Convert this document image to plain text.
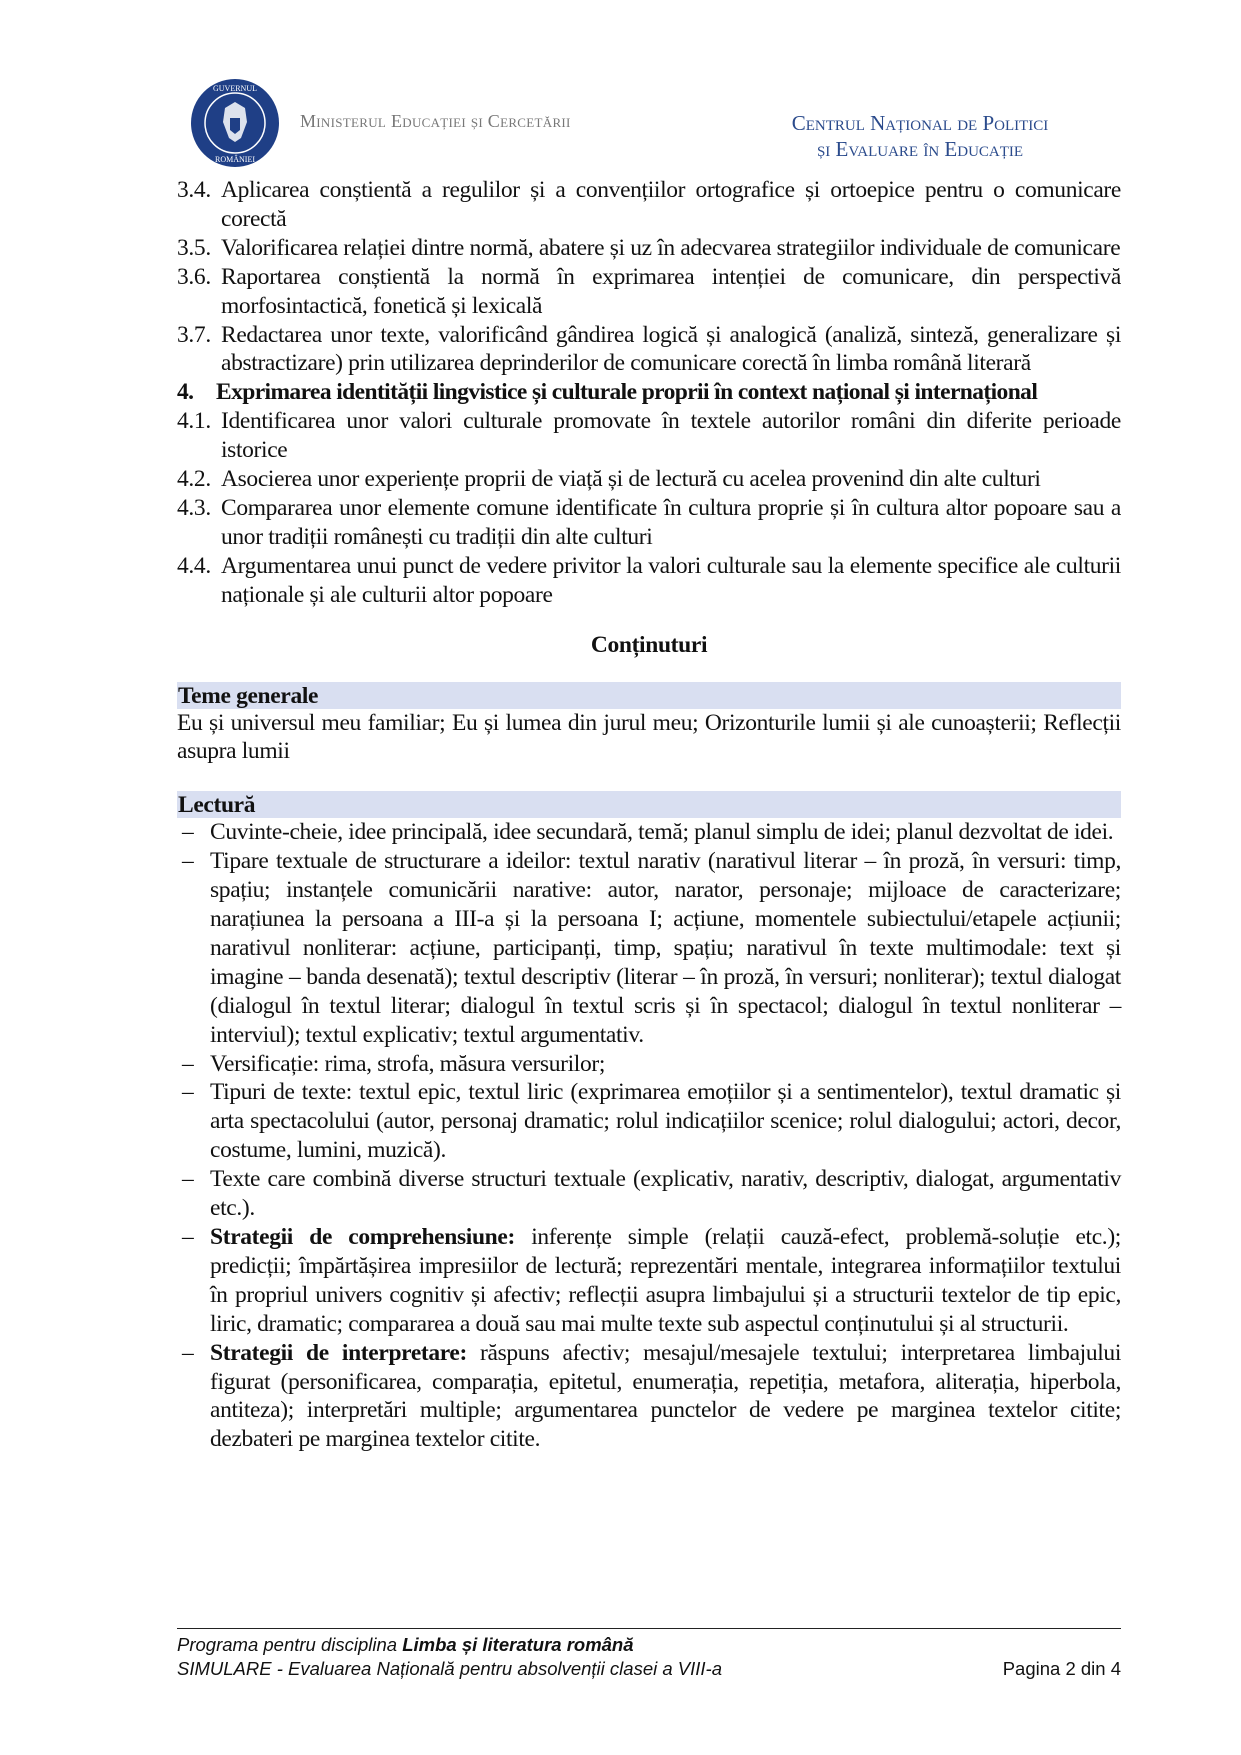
GUVERNUL
ROMÂNIEI
Ministerul Educației și Cercetării	Centrul Național de Politici
și Evaluare în Educație
3.4. Aplicarea conștientă a regulilor și a convențiilor ortografice și ortoepice pentru o comunicare corectă
3.5. Valorificarea relației dintre normă, abatere și uz în adecvarea strategiilor individuale de comunicare
3.6. Raportarea conștientă la normă în exprimarea intenției de comunicare, din perspectivă morfosintactică, fonetică și lexicală
3.7. Redactarea unor texte, valorificând gândirea logică și analogică (analiză, sinteză, generalizare și abstractizare) prin utilizarea deprinderilor de comunicare corectă în limba română literară
4. Exprimarea identității lingvistice și culturale proprii în context național și internațional
4.1. Identificarea unor valori culturale promovate în textele autorilor români din diferite perioade istorice
4.2. Asocierea unor experiențe proprii de viață și de lectură cu acelea provenind din alte culturi
4.3. Compararea unor elemente comune identificate în cultura proprie și în cultura altor popoare sau a unor tradiții românești cu tradiții din alte culturi
4.4. Argumentarea unui punct de vedere privitor la valori culturale sau la elemente specifice ale culturii naționale și ale culturii altor popoare
Conținuturi
Teme generale
Eu și universul meu familiar; Eu și lumea din jurul meu; Orizonturile lumii și ale cunoașterii; Reflecții asupra lumii
Lectură
– Cuvinte-cheie, idee principală, idee secundară, temă; planul simplu de idei; planul dezvoltat de idei.
– Tipare textuale de structurare a ideilor: textul narativ (narativul literar – în proză, în versuri: timp, spațiu; instanțele comunicării narative: autor, narator, personaje; mijloace de caracterizare; narațiunea la persoana a III-a și la persoana I; acțiune, momentele subiectului/etapele acțiunii; narativul nonliterar: acțiune, participanți, timp, spațiu; narativul în texte multimodale: text și imagine – banda desenată); textul descriptiv (literar – în proză, în versuri; nonliterar); textul dialogat (dialogul în textul literar; dialogul în textul scris și în spectacol; dialogul în textul nonliterar – interviul); textul explicativ; textul argumentativ.
– Versificație: rima, strofa, măsura versurilor;
– Tipuri de texte: textul epic, textul liric (exprimarea emoțiilor și a sentimentelor), textul dramatic și arta spectacolului (autor, personaj dramatic; rolul indicațiilor scenice; rolul dialogului; actori, decor, costume, lumini, muzică).
– Texte care combină diverse structuri textuale (explicativ, narativ, descriptiv, dialogat, argumentativ etc.).
– Strategii de comprehensiune: inferențe simple (relații cauză-efect, problemă-soluție etc.); predicții; împărtășirea impresiilor de lectură; reprezentări mentale, integrarea informațiilor textului în propriul univers cognitiv și afectiv; reflecții asupra limbajului și a structurii textelor de tip epic, liric, dramatic; compararea a două sau mai multe texte sub aspectul conținutului și al structurii.
– Strategii de interpretare: răspuns afectiv; mesajul/mesajele textului; interpretarea limbajului figurat (personificarea, comparația, epitetul, enumerația, repetiția, metafora, aliterația, hiperbola, antiteza); interpretări multiple; argumentarea punctelor de vedere pe marginea textelor citite; dezbateri pe marginea textelor citite.
Programa pentru disciplina Limba și literatura română
SIMULARE - Evaluarea Națională pentru absolvenții clasei a VIII-a	Pagina 2 din 4
